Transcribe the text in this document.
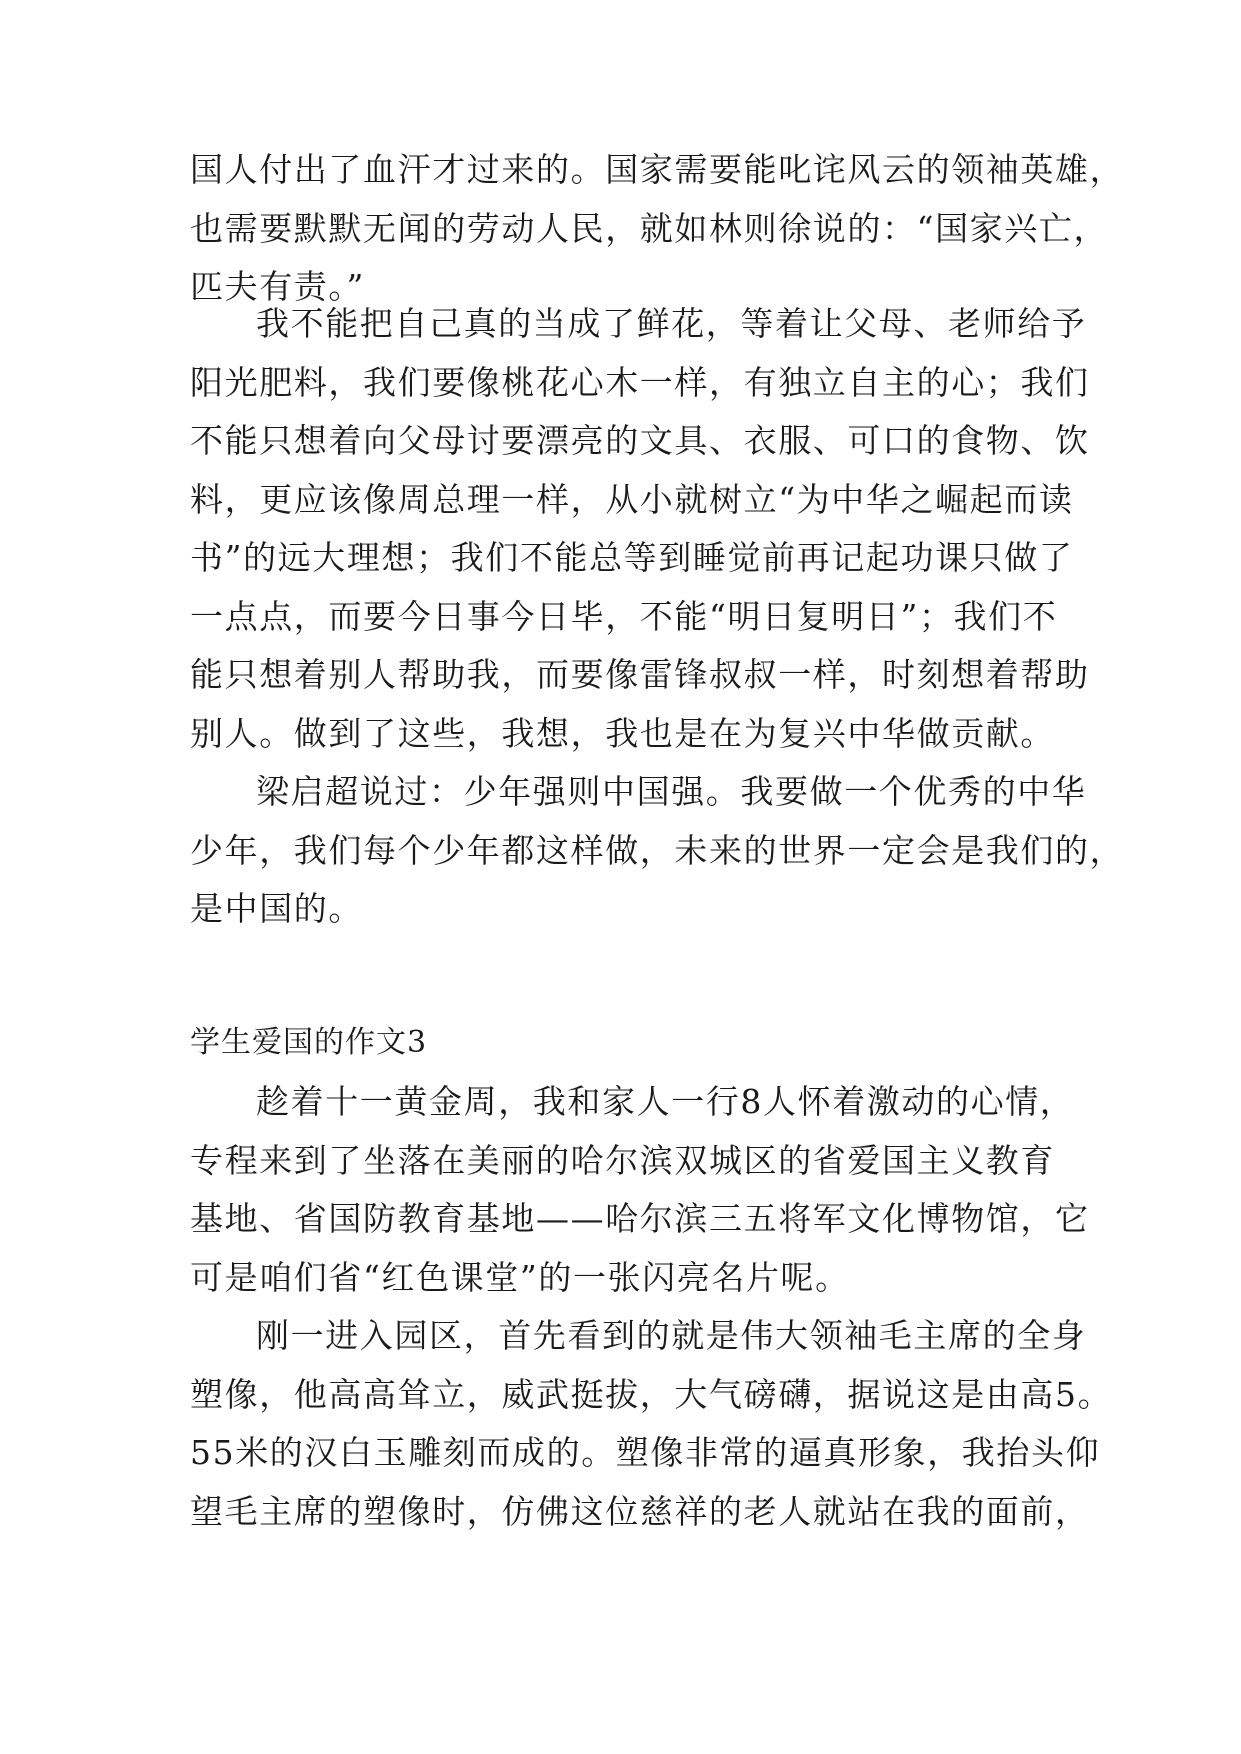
国人付出了血汗才过来的。国家需要能叱诧风云的领袖英雄，
也需要默默无闻的劳动人民，就如林则徐说的：“国家兴亡，
匹夫有责。”
我不能把自己真的当成了鲜花，等着让父母、老师给予
阳光肥料，我们要像桃花心木一样，有独立自主的心；我们
不能只想着向父母讨要漂亮的文具、衣服、可口的食物、饮
料，更应该像周总理一样，从小就树立“为中华之崛起而读
书”的远大理想；我们不能总等到睡觉前再记起功课只做了
一点点，而要今日事今日毕，不能“明日复明日”；我们不
能只想着别人帮助我，而要像雷锋叔叔一样，时刻想着帮助
别人。做到了这些，我想，我也是在为复兴中华做贡献。
梁启超说过：少年强则中国强。我要做一个优秀的中华
少年，我们每个少年都这样做，未来的世界一定会是我们的，
是中国的。
学生爱国的作文3
趁着十一黄金周，我和家人一行8人怀着激动的心情，
专程来到了坐落在美丽的哈尔滨双城区的省爱国主义教育
基地、省国防教育基地——哈尔滨三五将军文化博物馆，它
可是咱们省“红色课堂”的一张闪亮名片呢。
刚一进入园区，首先看到的就是伟大领袖毛主席的全身
塑像，他高高耸立，威武挺拔，大气磅礴，据说这是由高5。
55米的汉白玉雕刻而成的。塑像非常的逼真形象，我抬头仰
望毛主席的塑像时，仿佛这位慈祥的老人就站在我的面前，
